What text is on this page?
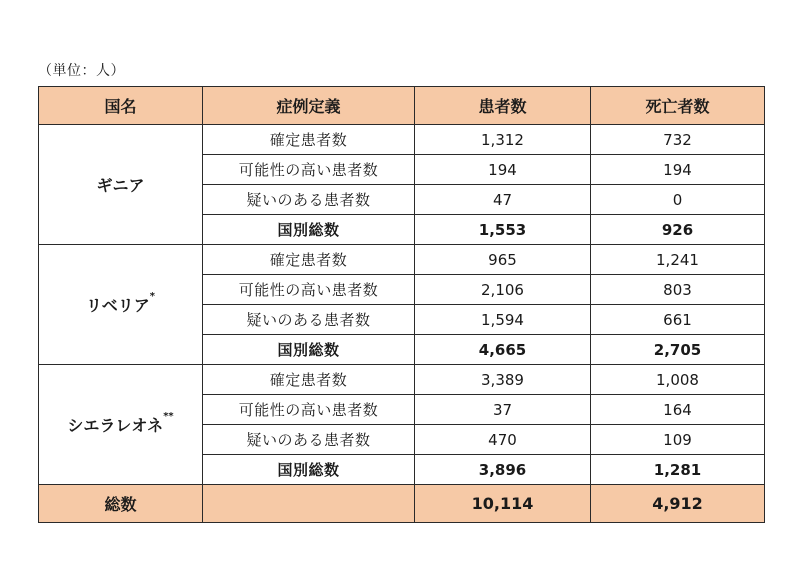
（単位：人）
国名	症例定義	患者数	死亡者数
ギニア	確定患者数	1,312	732
	可能性の高い患者数	194	194
	疑いのある患者数	47	0
	国別総数	1,553	926
リベリア*	確定患者数	965	1,241
	可能性の高い患者数	2,106	803
	疑いのある患者数	1,594	661
	国別総数	4,665	2,705
シエラレオネ**	確定患者数	3,389	1,008
	可能性の高い患者数	37	164
	疑いのある患者数	470	109
	国別総数	3,896	1,281
総数		10,114	4,912
